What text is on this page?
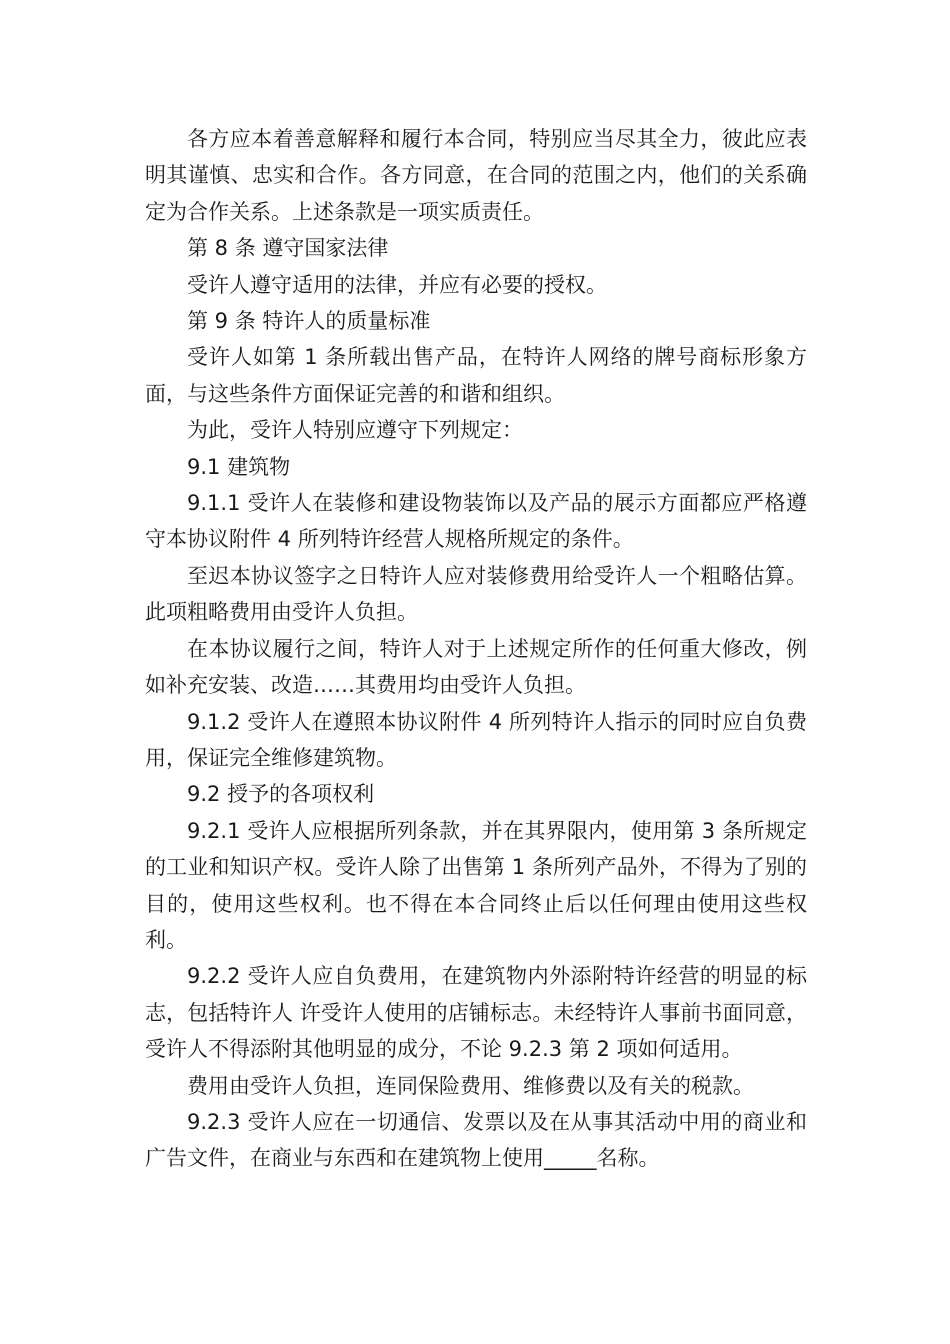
各方应本着善意解释和履行本合同，特别应当尽其全力，彼此应表明其谨慎、忠实和合作。各方同意，在合同的范围之内，他们的关系确定为合作关系。上述条款是一项实质责任。

第 8 条 遵守国家法律

受许人遵守适用的法律，并应有必要的授权。

第 9 条 特许人的质量标准

受许人如第 1 条所载出售产品，在特许人网络的牌号商标形象方面，与这些条件方面保证完善的和谐和组织。

为此，受许人特别应遵守下列规定：

9.1 建筑物

9.1.1 受许人在装修和建设物装饰以及产品的展示方面都应严格遵守本协议附件 4 所列特许经营人规格所规定的条件。

至迟本协议签字之日特许人应对装修费用给受许人一个粗略估算。此项粗略费用由受许人负担。

在本协议履行之间，特许人对于上述规定所作的任何重大修改，例如补充安装、改造……其费用均由受许人负担。

9.1.2 受许人在遵照本协议附件 4 所列特许人指示的同时应自负费用，保证完全维修建筑物。

9.2 授予的各项权利

9.2.1 受许人应根据所列条款，并在其界限内，使用第 3 条所规定的工业和知识产权。受许人除了出售第 1 条所列产品外，不得为了别的目的，使用这些权利。也不得在本合同终止后以任何理由使用这些权利。

9.2.2 受许人应自负费用，在建筑物内外添附特许经营的明显的标志，包括特许人 许受许人使用的店铺标志。未经特许人事前书面同意，受许人不得添附其他明显的成分，不论 9.2.3 第 2 项如何适用。

费用由受许人负担，连同保险费用、维修费以及有关的税款。

9.2.3 受许人应在一切通信、发票以及在从事其活动中用的商业和广告文件，在商业与东西和在建筑物上使用_____名称。
